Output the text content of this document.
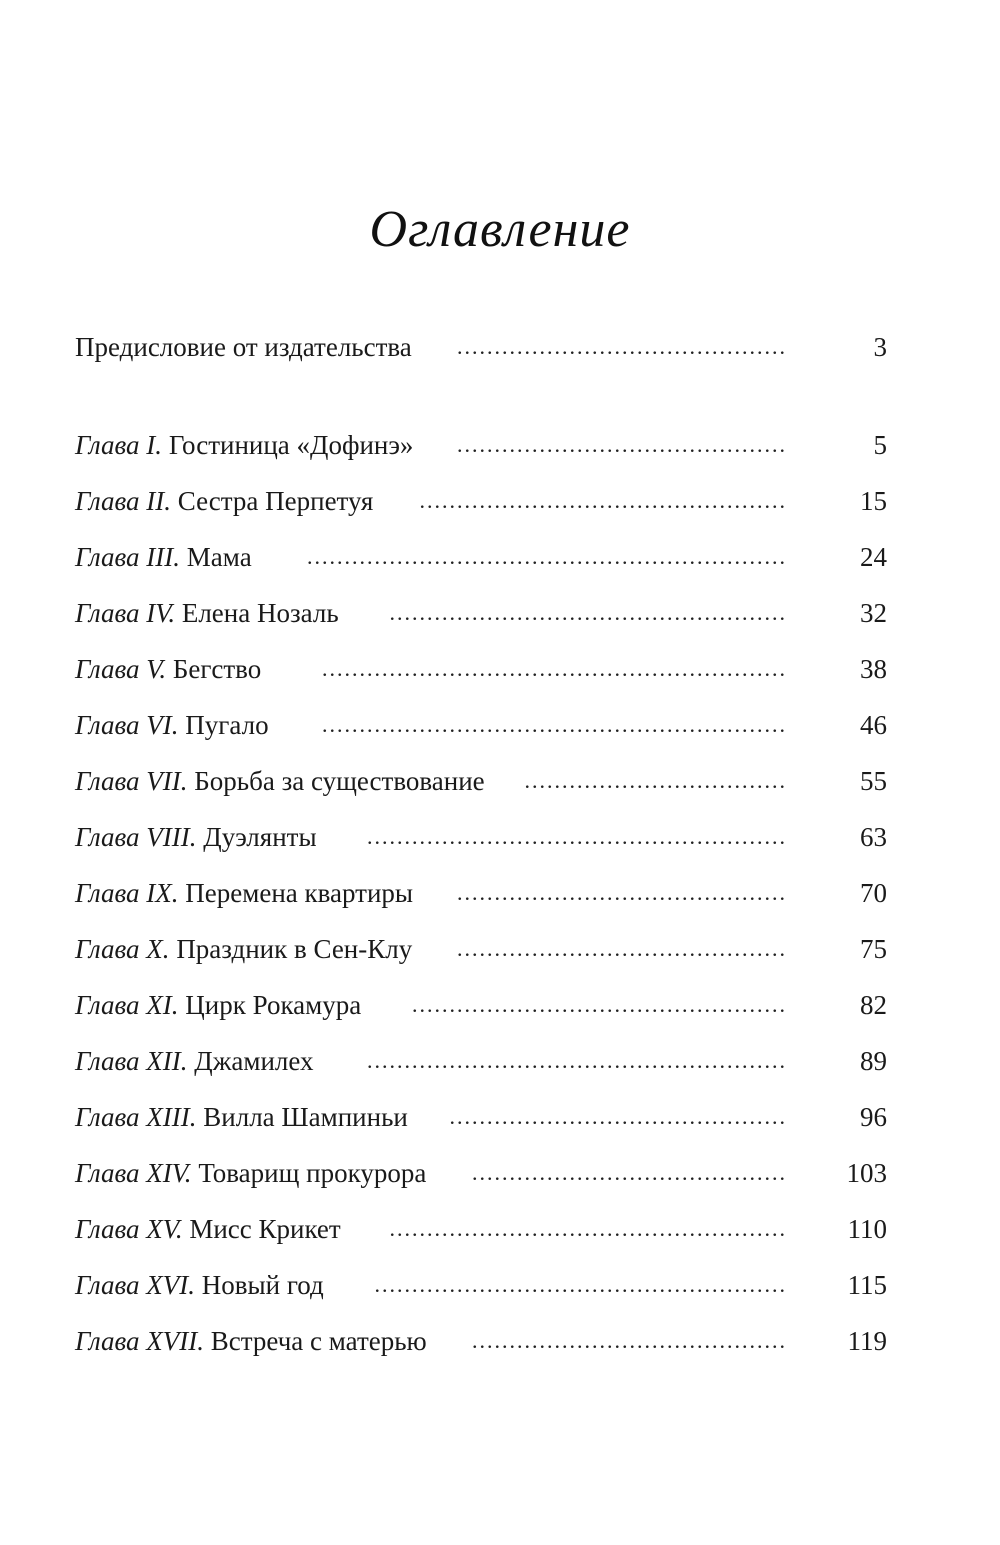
Оглавление
Предисловие от издательства	............................................	3
Глава I. Гостиница «Дофинэ»	............................................	5
Глава II. Сестра Перпетуя	.................................................	15
Глава III. Мама	................................................................	24
Глава IV. Елена Нозаль	.....................................................	32
Глава V. Бегство	..............................................................	38
Глава VI. Пугало	..............................................................	46
Глава VII. Борьба за существование	...................................	55
Глава VIII. Дуэлянты	........................................................	63
Глава IX. Перемена квартиры	............................................	70
Глава X. Праздник в Сен-Клу	............................................	75
Глава XI. Цирк Рокамура	..................................................	82
Глава XII. Джамилех	........................................................	89
Глава XIII. Вилла Шампиньи	.............................................	96
Глава XIV. Товарищ прокурора	..........................................	103
Глава XV. Мисс Крикет	.....................................................	110
Глава XVI. Новый год	.......................................................	115
Глава XVII. Встреча с матерью	..........................................	119
